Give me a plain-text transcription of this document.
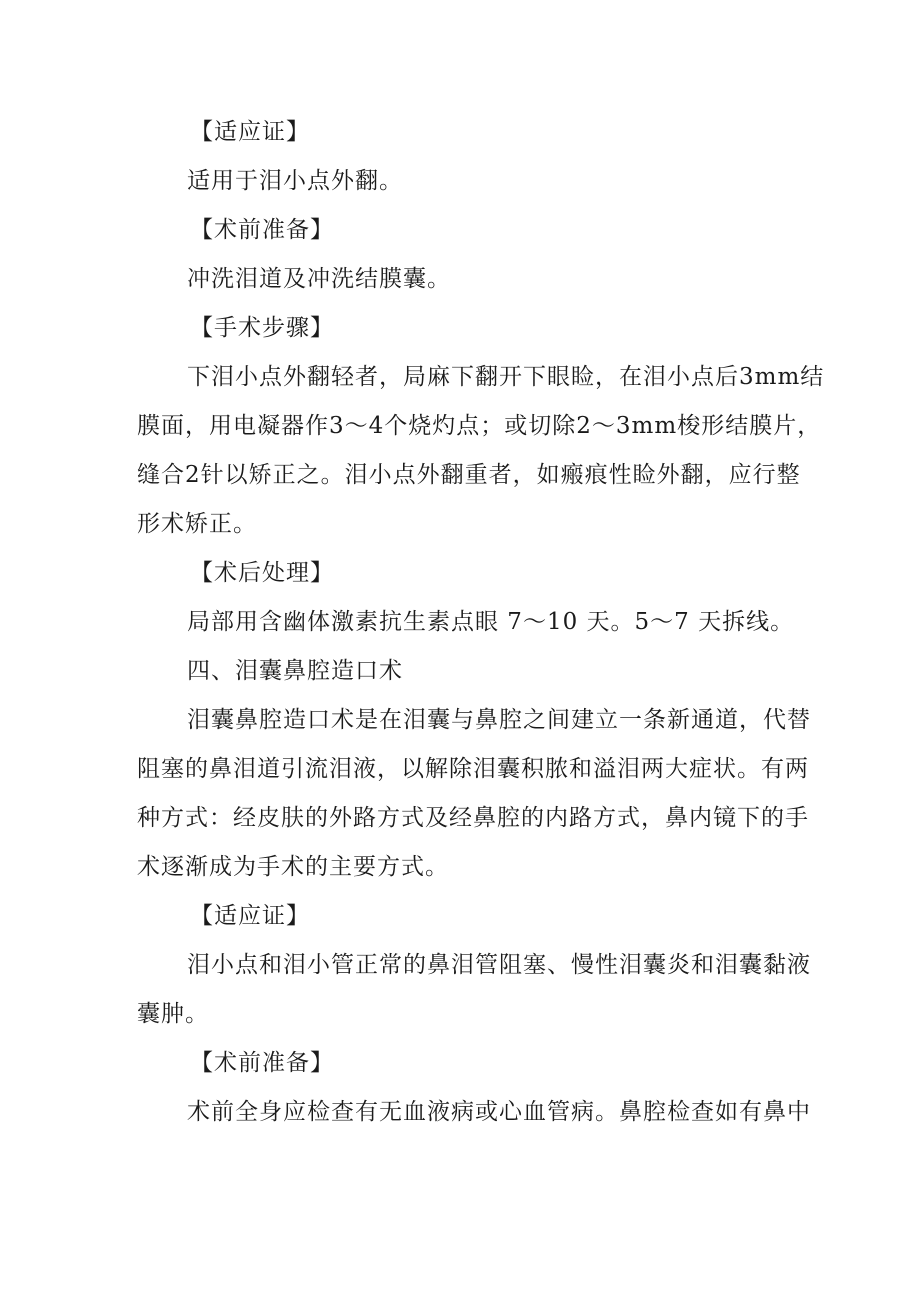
【适应证】
适用于泪小点外翻。
【术前准备】
冲洗泪道及冲洗结膜囊。
【手术步骤】
下 泪 小 点 外 翻 轻 者 ， 局 麻 下 翻 开 下 眼 睑 ， 在 泪 小 点 后 3mm 结
膜 面 ， 用 电 凝 器 作 3 ～ 4 个 烧 灼 点 ； 或 切 除 2 ～ 3mm 梭 形 结 膜 片 ，
缝 合 2 针 以 矫 正 之 。 泪 小 点 外 翻 重 者 ， 如 瘢 痕 性 睑 外 翻 ， 应 行 整
形术矫正。
【术后处理】
局部用含幽体激素抗生素点眼 7～10 天。5～7 天拆线。
四、泪囊鼻腔造口术
泪 囊 鼻 腔 造 口 术 是 在 泪 囊 与 鼻 腔 之 间 建 立 一 条 新 通 道 ， 代 替
阻 塞 的 鼻 泪 道 引 流 泪 液 ， 以 解 除 泪 囊 积 脓 和 溢 泪 两 大 症 状 。 有 两
种 方 式 ： 经 皮 肤 的 外 路 方 式 及 经 鼻 腔 的 内 路 方 式 ， 鼻 内 镜 下 的 手
术逐渐成为手术的主要方式。
【适应证】
泪 小 点 和 泪 小 管 正 常 的 鼻 泪 管 阻 塞 、 慢 性 泪 囊 炎 和 泪 囊 黏 液
囊肿。
【术前准备】
术 前 全 身 应 检 查 有 无 血 液 病 或 心 血 管 病 。 鼻 腔 检 查 如 有 鼻 中
